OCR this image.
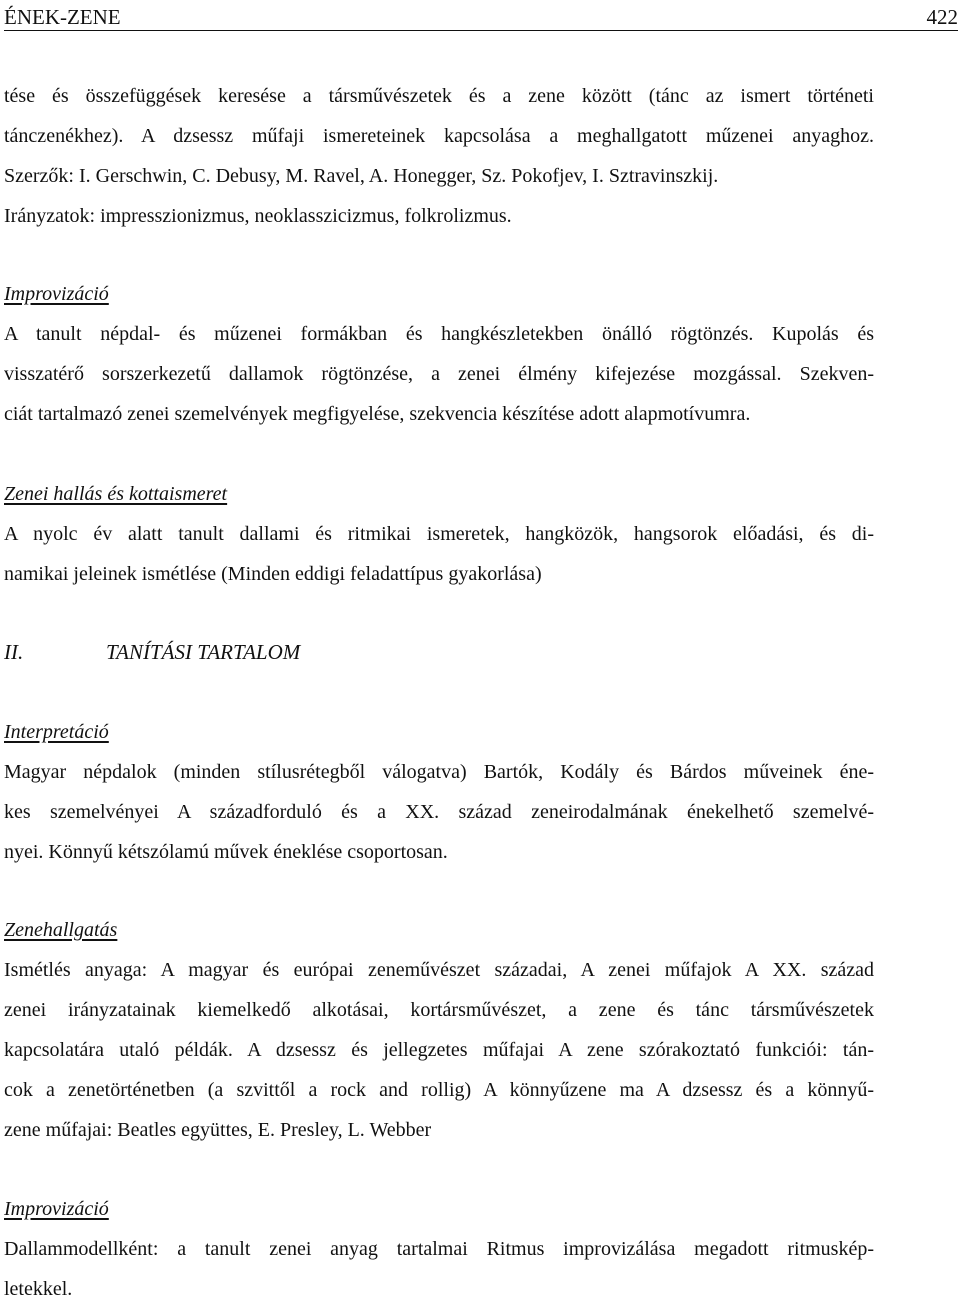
ÉNEK-ZENE	422
tése és összefüggések keresése a társművészetek és a zene között (tánc az ismert történeti
tánczenékhez). A dzsessz műfaji ismereteinek kapcsolása a meghallgatott műzenei anyaghoz.
Szerzők: I. Gerschwin, C. Debusy, M. Ravel, A. Honegger, Sz. Pokofjev, I. Sztravinszkij.
Irányzatok: impresszionizmus, neoklasszicizmus, folkrolizmus.

Improvizáció

A tanult népdal- és műzenei formákban és hangkészletekben önálló rögtönzés. Kupolás és
visszatérő sorszerkezetű dallamok rögtönzése, a zenei élmény kifejezése mozgással. Szekven-
ciát tartalmazó zenei szemelvények megfigyelése, szekvencia készítése adott alapmotívumra.

Zenei hallás és kottaismeret

A nyolc év alatt tanult dallami és ritmikai ismeretek, hangközök, hangsorok előadási, és di-
namikai jeleinek ismétlése (Minden eddigi feladattípus gyakorlása)

II.	TANÍTÁSI TARTALOM

Interpretáció

Magyar népdalok (minden stílusrétegből válogatva) Bartók, Kodály és Bárdos műveinek éne-
kes szemelvényei A századforduló és a XX. század zeneirodalmának énekelhető szemelvé-
nyei. Könnyű kétszólamú művek éneklése csoportosan.

Zenehallgatás

Ismétlés anyaga: A magyar és európai zeneművészet századai, A zenei műfajok A XX. század
zenei irányzatainak kiemelkedő alkotásai, kortársművészet, a zene és tánc társművészetek
kapcsolatára utaló példák. A dzsessz és jellegzetes műfajai A zene szórakoztató funkciói: tán-
cok a zenetörténetben (a szvittől a rock and rollig) A könnyűzene ma A dzsessz és a könnyű-
zene műfajai: Beatles együttes, E. Presley, L. Webber

Improvizáció

Dallammodellként: a tanult zenei anyag tartalmai Ritmus improvizálása megadott ritmuskép-
letekkel.
